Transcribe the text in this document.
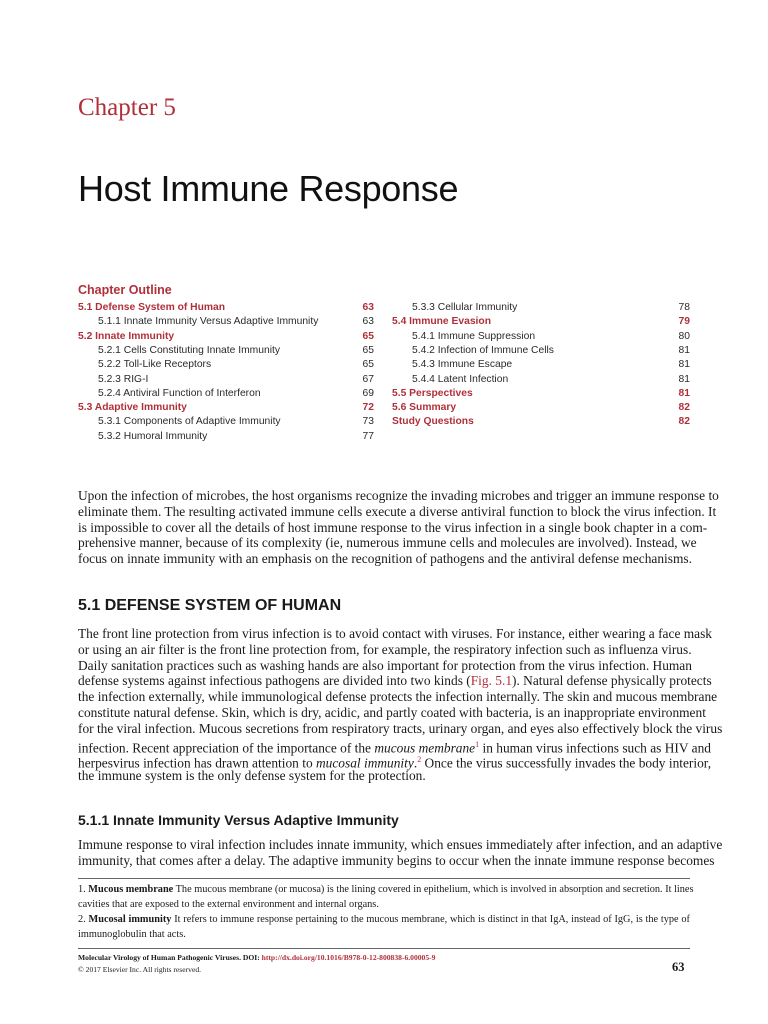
Chapter 5
Host Immune Response
Chapter Outline
5.1 Defense System of Human	63
5.1.1 Innate Immunity Versus Adaptive Immunity	63
5.2 Innate Immunity	65
5.2.1 Cells Constituting Innate Immunity	65
5.2.2 Toll-Like Receptors	65
5.2.3 RIG-I	67
5.2.4 Antiviral Function of Interferon	69
5.3 Adaptive Immunity	72
5.3.1 Components of Adaptive Immunity	73
5.3.2 Humoral Immunity	77
5.3.3 Cellular Immunity	78
5.4 Immune Evasion	79
5.4.1 Immune Suppression	80
5.4.2 Infection of Immune Cells	81
5.4.3 Immune Escape	81
5.4.4 Latent Infection	81
5.5 Perspectives	81
5.6 Summary	82
Study Questions	82
Upon the infection of microbes, the host organisms recognize the invading microbes and trigger an immune response to
eliminate them. The resulting activated immune cells execute a diverse antiviral function to block the virus infection. It
is impossible to cover all the details of host immune response to the virus infection in a single book chapter in a com-
prehensive manner, because of its complexity (ie, numerous immune cells and molecules are involved). Instead, we
focus on innate immunity with an emphasis on the recognition of pathogens and the antiviral defense mechanisms.
5.1 DEFENSE SYSTEM OF HUMAN
The front line protection from virus infection is to avoid contact with viruses. For instance, either wearing a face mask
or using an air filter is the front line protection from, for example, the respiratory infection such as influenza virus.
Daily sanitation practices such as washing hands are also important for protection from the virus infection. Human
defense systems against infectious pathogens are divided into two kinds (Fig. 5.1). Natural defense physically protects
the infection externally, while immunological defense protects the infection internally. The skin and mucous membrane
constitute natural defense. Skin, which is dry, acidic, and partly coated with bacteria, is an inappropriate environment
for the viral infection. Mucous secretions from respiratory tracts, urinary organ, and eyes also effectively block the virus
infection. Recent appreciation of the importance of the mucous membrane$^1$ in human virus infections such as HIV and
herpesvirus infection has drawn attention to mucosal immunity.$^2$ Once the virus successfully invades the body interior,
the immune system is the only defense system for the protection.
5.1.1 Innate Immunity Versus Adaptive Immunity
Immune response to viral infection includes innate immunity, which ensues immediately after infection, and an adaptive
immunity, that comes after a delay. The adaptive immunity begins to occur when the innate immune response becomes
1. Mucous membrane The mucous membrane (or mucosa) is the lining covered in epithelium, which is involved in absorption and secretion. It lines
cavities that are exposed to the external environment and internal organs.
2. Mucosal immunity It refers to immune response pertaining to the mucous membrane, which is distinct in that IgA, instead of IgG, is the type of
immunoglobulin that acts.
Molecular Virology of Human Pathogenic Viruses. DOI: http://dx.doi.org/10.1016/B978-0-12-800838-6.00005-9
© 2017 Elsevier Inc. All rights reserved.	63
